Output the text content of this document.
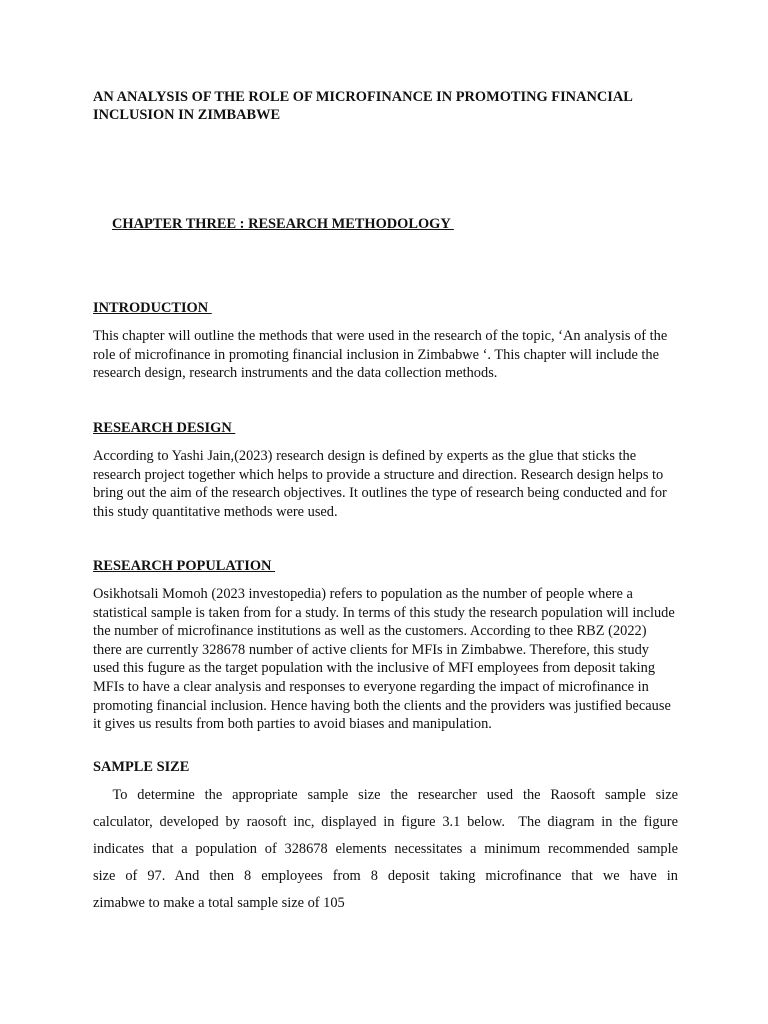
AN ANALYSIS OF THE ROLE OF MICROFINANCE IN PROMOTING FINANCIAL INCLUSION IN ZIMBABWE
CHAPTER THREE : RESEARCH METHODOLOGY
INTRODUCTION
This chapter will outline the methods that were used in the research of the topic, ‘An analysis of the role of microfinance in promoting financial inclusion in Zimbabwe ‘. This chapter will include the research design, research instruments and the data collection methods.
RESEARCH DESIGN
According to Yashi Jain,(2023) research design is defined by experts as the glue that sticks the research project together which helps to provide a structure and direction. Research design helps to bring out the aim of the research objectives. It outlines the type of research being conducted and for this study quantitative methods were used.
RESEARCH POPULATION
Osikhotsali Momoh (2023 investopedia) refers to population as the number of people where a statistical sample is taken from for a study. In terms of this study the research population will include the number of microfinance institutions as well as the customers. According to thee RBZ (2022) there are currently 328678 number of active clients for MFIs in Zimbabwe. Therefore, this study used this fugure as the target population with the inclusive of MFI employees from deposit taking MFIs to have a clear analysis and responses to everyone regarding the impact of microfinance in promoting financial inclusion. Hence having both the clients and the providers was justified because it gives us results from both parties to avoid biases and manipulation.
SAMPLE SIZE
To determine the appropriate sample size the researcher used the Raosoft sample size
calculator, developed by raosoft inc, displayed in figure 3.1 below.  The diagram in the figure
indicates that a population of 328678 elements necessitates a minimum recommended sample
size of 97. And then 8 employees from 8 deposit taking microfinance that we have in
zimabwe to make a total sample size of 105
